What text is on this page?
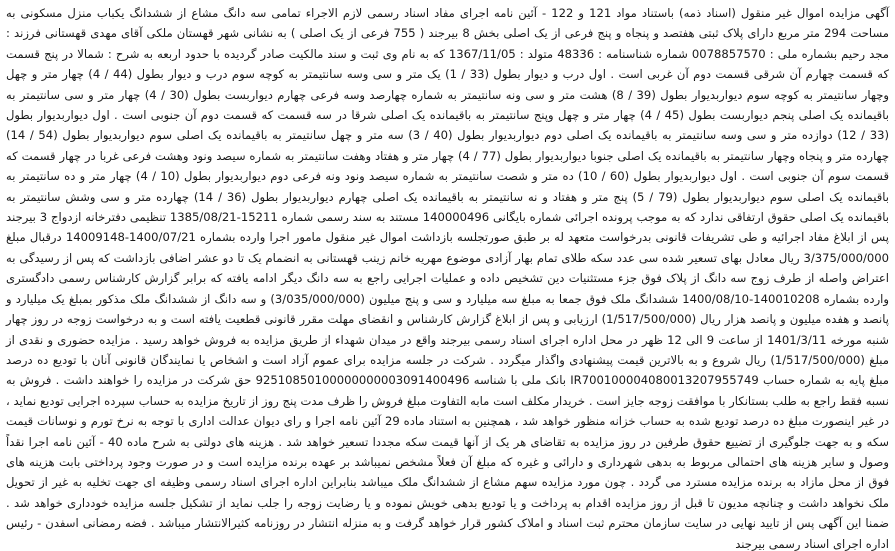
آگهی مزایده اموال غیر منقول (اسناد ذمه) باستناد مواد 121 و 122 - آئین نامه اجرای مفاد اسناد رسمی لازم الاجراء تمامی سه دانگ مشاع از ششدانگ یکباب منزل مسکونی به مساحت 294 متر مربع دارای پلاک ثبتی هفتصد و پنجاه و پنج فرعی از یک اصلی بخش 8 بیرجند ( 755 فرعی از یک اصلی ) به نشانی شهر قهستان ملکی آقای مهدی قهستانی فرزند : مجد رحیم بشماره ملی : 0078857570 شماره شناسنامه : 48336 متولد : 1367/11/05 که به نام وی ثبت و سند مالکیت صادر گردیده با حدود اربعه به شرح : شمالا در پنج قسمت که قسمت چهارم آن شرقی قسمت دوم آن غربی است . اول درب و دیوار بطول (33 / 1) یک متر و سی وسه سانتیمتر به کوچه سوم درب و دیوار بطول (44 / 4) چهار متر و چهل وچهار سانتیمتر به کوچه سوم دیواربدیوار بطول (39 / 8) هشت متر و سی ونه سانتیمتر به شماره چهارصد وسه فرعی چهارم دیواربست بطول (30 / 4) چهار متر و سی سانتیمتر به باقیمانده یک اصلی پنجم دیواربست بطول (45 / 4) چهار متر و چهل وپنج سانتیمتر به باقیمانده یک اصلی شرقا در سه قسمت که قسمت دوم آن جنوبی است . اول دیواربدیوار بطول (33 / 12) دوازده متر و سی وسه سانتیمتر به باقیمانده یک اصلی دوم دیواربدیوار بطول (40 / 3) سه متر و چهل سانتیمتر به باقیمانده یک اصلی سوم دیواربدیوار بطول (54 / 14) چهارده متر و پنجاه وچهار سانتیمتر به باقیمانده یک اصلی جنوبا دیواربدیوار بطول (77 / 4) چهار متر و هفتاد وهفت سانتیمتر به شماره سیصد ونود وهشت فرعی غربا در چهار قسمت که قسمت سوم آن جنوبی است . اول دیواربدیوار بطول (60 / 10) ده متر و شصت سانتیمتر به شماره سیصد ونود ونه فرعی دوم دیواربدیوار بطول (10 / 4) چهار متر و ده سانتیمتر به باقیمانده یک اصلی سوم دیواربدیوار بطول (79 / 5) پنج متر و هفتاد و نه سانتیمتر به باقیمانده یک اصلی چهارم دیواربدیوار بطول (36 / 14) چهارده متر و سی وشش سانتیمتر به باقیمانده یک اصلی حقوق ارتفاقی ندارد که به موجب پرونده اجرائی شماره بایگانی 140000496 مستند به سند رسمی شماره 15211-1385/08/21 تنظیمی دفترخانه ازدواج 3 بیرجند پس از ابلاغ مفاد اجرائیه و طی تشریفات قانونی بدرخواست متعهد له بر طبق صورتجلسه بازداشت اموال غیر منقول مامور اجرا وارده بشماره 1400/07/21-14009148 درقبال مبلغ 3/375/000/000 ریال معادل بهای تسعیر شده سی عدد سکه طلای تمام بهار آزادی موضوع مهریه خانم زینب قهستانی به انضمام یک تا دو عشر اضافی بازداشت که پس از رسیدگی به اعتراض واصله از طرف زوج سه دانگ از پلاک فوق جزء مستثنیات دین تشخیص داده و عملیات اجرایی راجع به سه دانگ دیگر ادامه یافته که برابر گزارش کارشناس رسمی دادگستری وارده بشماره 140010208-1400/08/10 ششدانگ ملک فوق جمعا به مبلغ سه میلیارد و سی و پنج میلیون (3/035/000/000) و سه دانگ از ششدانگ ملک مذکور بمبلغ یک میلیارد و پانصد و هفده میلیون و پانصد هزار ریال (1/517/500/000) ارزیابی و پس از ابلاغ گزارش کارشناس و انقضای مهلت مقرر قانونی قطعیت یافته است و به درخواست زوجه در روز چهار شنبه مورخه 1401/3/11 از ساعت 9 الی 12 ظهر در محل اداره اجرای اسناد رسمی بیرجند واقع در میدان شهداء از طریق مزایده به فروش خواهد رسید . مزایده حضوری و نقدی از مبلغ (1/517/500/000) ریال شروع و به بالاترین قیمت پیشنهادی واگذار میگردد . شرکت در جلسه مزایده برای عموم آزاد است و اشخاص یا نمایندگان قانونی آنان با تودیع ده درصد مبلغ پایه به شماره حساب IR700100004080013207955749 بانک ملی با شناسه 92510850100000000003091400496 حق شرکت در مزایده را خواهند داشت . فروش به نسبه فقط راجع به طلب بستانکار با موافقت زوجه جایز است . خریدار مکلف است مابه التفاوت مبلغ فروش را ظرف مدت پنج روز از تاریخ مزایده به حساب سپرده اجرایی تودیع نماید ، در غیر اینصورت مبلغ ده درصد تودیع شده به حساب خزانه منظور خواهد شد ، همچنین به استناد ماده 29 آئین نامه اجرا و رای دیوان عدالت اداری با توجه به نرخ تورم و نوسانات قیمت سکه و به جهت جلوگیری از تضییع حقوق طرفین در روز مزایده به تقاضای هر یک از آنها قیمت سکه مجددا تسعیر خواهد شد . هزینه های دولتی به شرح ماده 40 - آئین نامه اجرا نقداً وصول و سایر هزینه های احتمالی مربوط به بدهی شهرداری و دارائی و غیره که مبلغ آن فعلاً مشخص نمیباشد بر عهده برنده مزایده است و در صورت وجود پرداختی بابت هزینه های فوق از محل مازاد به برنده مزایده مسترد می گردد . چون مورد مزایده سهم مشاع از ششدانگ ملک میباشد بنابراین اداره اجرای اسناد رسمی وظیفه ای جهت تخلیه به غیر از تحویل ملک نخواهد داشت و چنانچه مدیون تا قبل از روز مزایده اقدام به پرداخت و یا تودیع بدهی خویش نموده و یا رضایت زوجه را جلب نماید از تشکیل جلسه مزایده خودداری خواهد شد . ضمنا این آگهی پس از تایید نهایی در سایت سازمان محترم ثبت اسناد و املاک کشور قرار خواهد گرفت و به منزله انتشار در روزنامه کثیرالانتشار میباشد . فضه رمضانی اسفدن - رئیس اداره اجرای اسناد رسمی بیرجند
